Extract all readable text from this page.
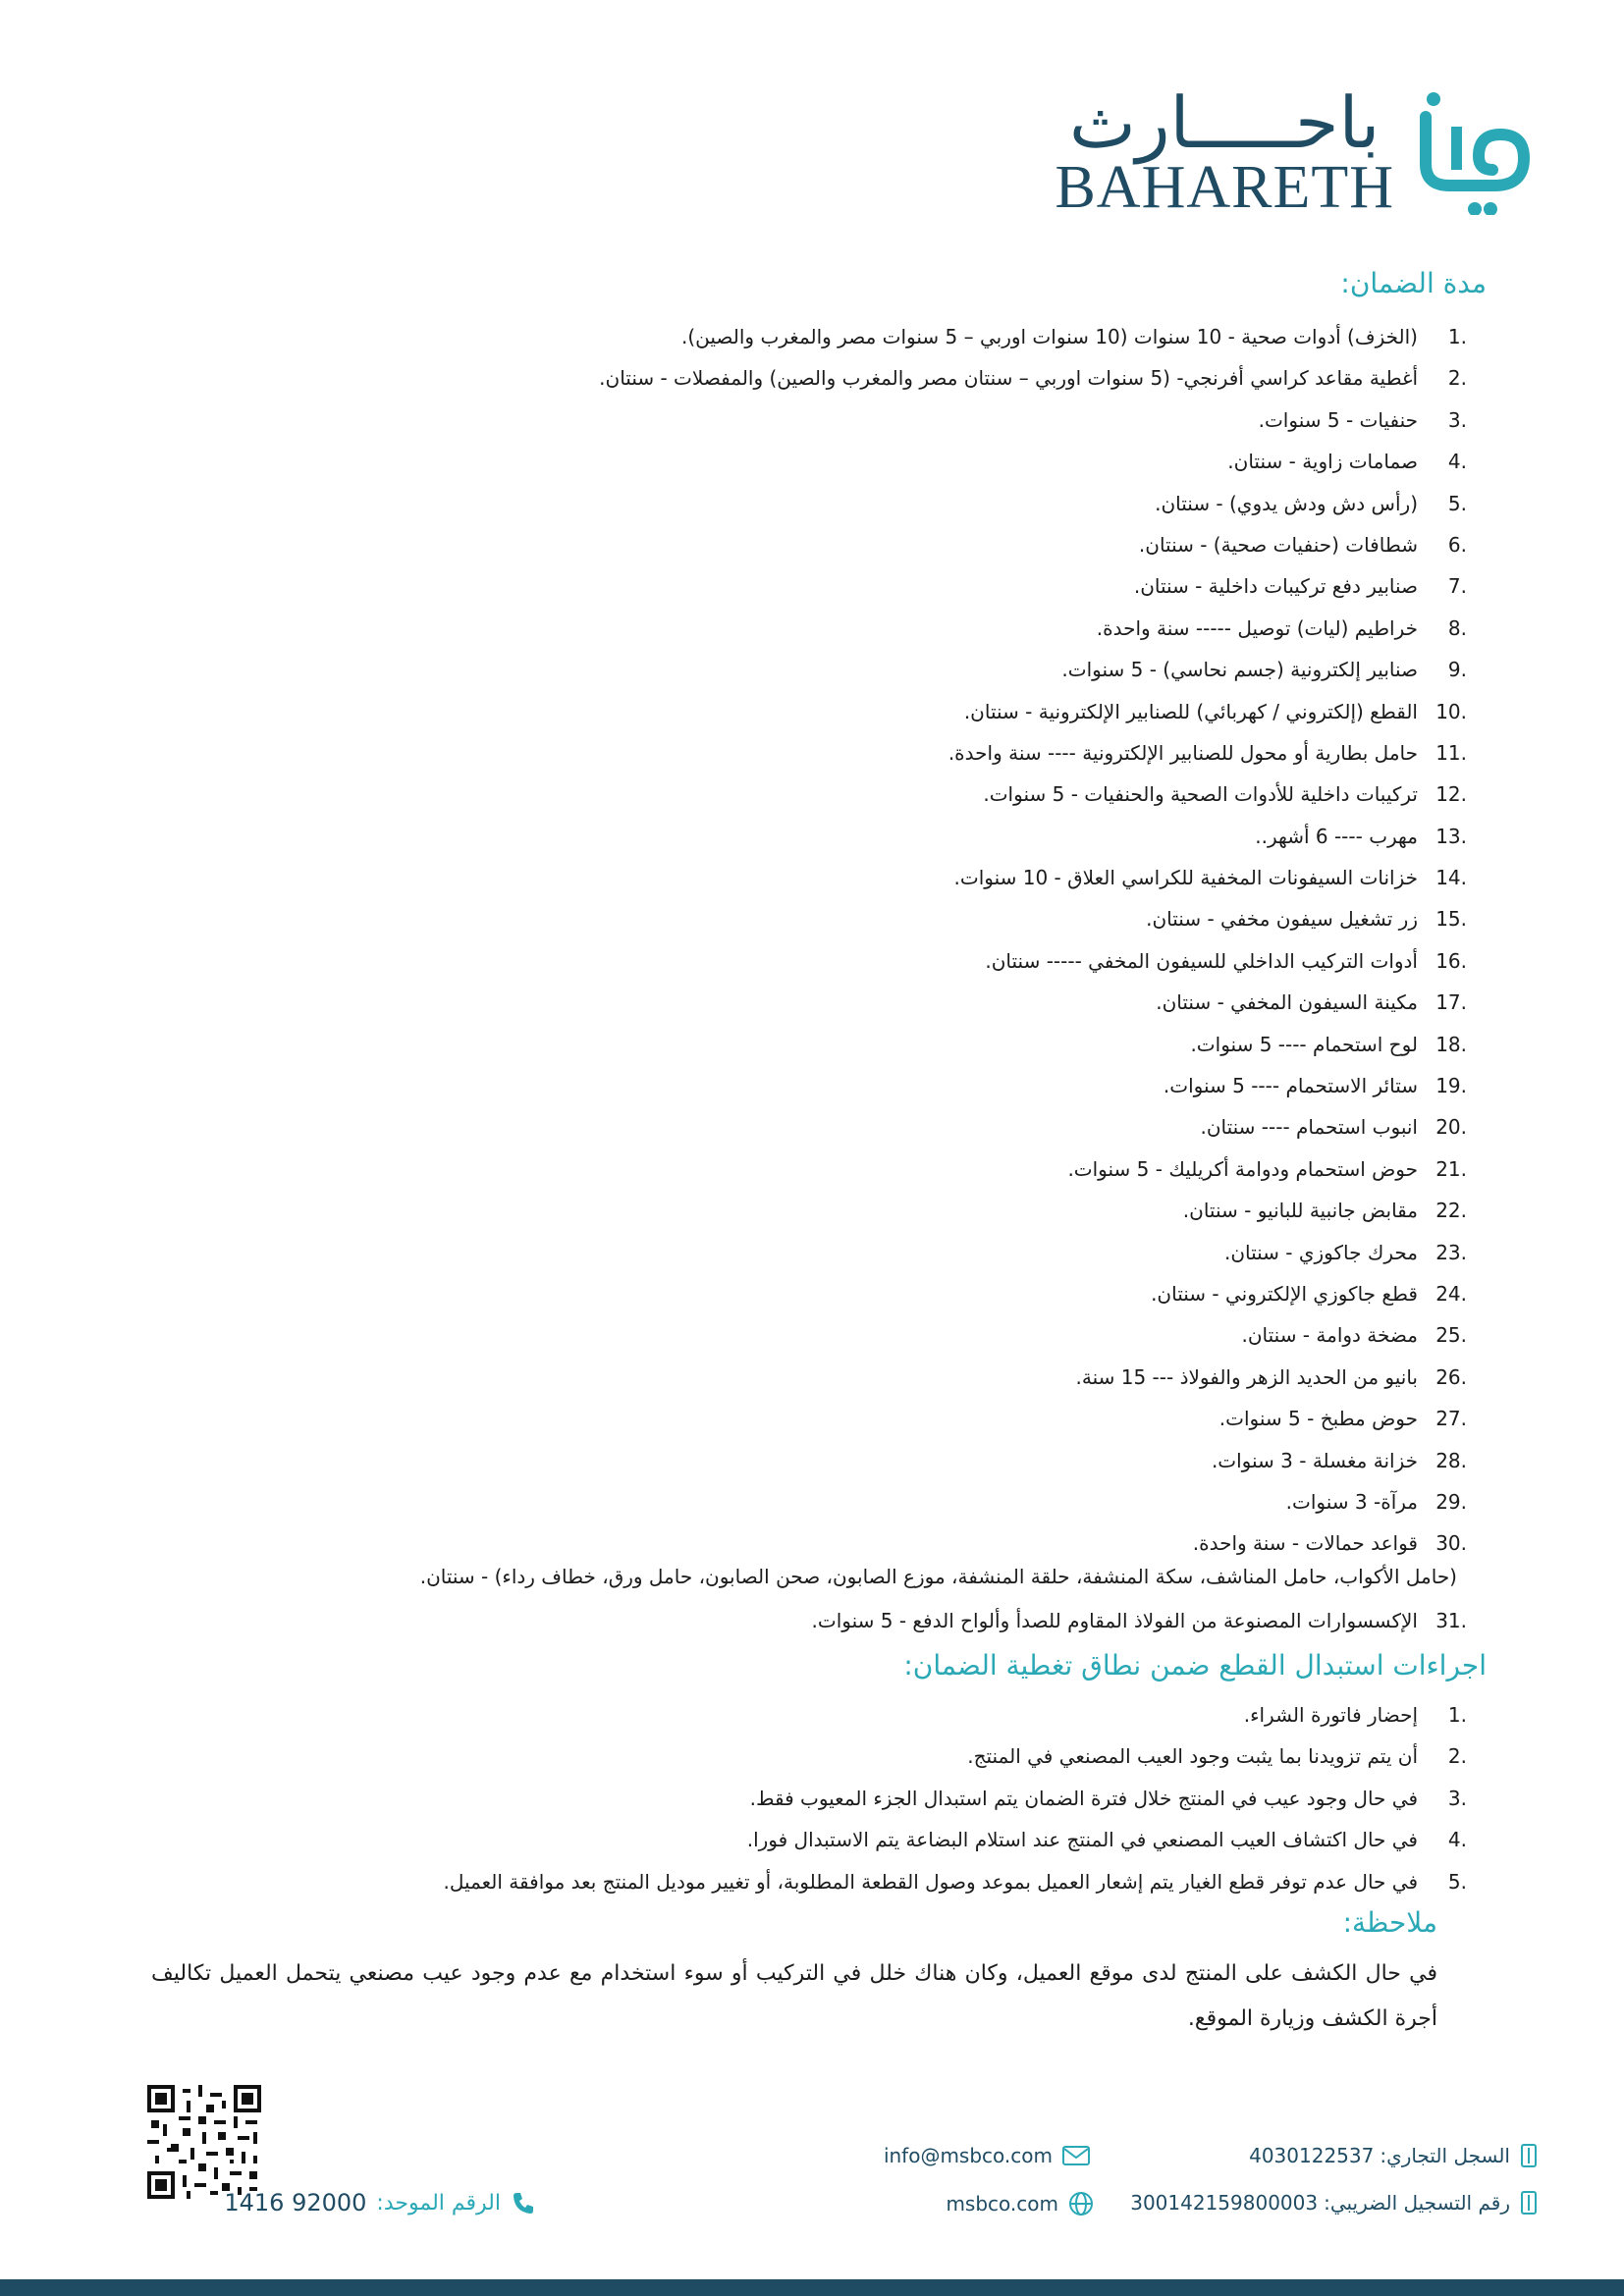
باحـــــارث
BAHARETH
مدة الضمان:
.1
(الخزف) أدوات صحية - 10 سنوات (10 سنوات اوربي – 5 سنوات مصر والمغرب والصين).
.2
أغطية مقاعد كراسي أفرنجي- (5 سنوات اوربي – سنتان مصر والمغرب والصين) والمفصلات - سنتان.
.3
حنفيات - 5 سنوات.
.4
صمامات زاوية - سنتان.
.5
(رأس دش ودش يدوي) - سنتان.
.6
شطافات (حنفيات صحية) - سنتان.
.7
صنابير دفع تركيبات داخلية - سنتان.
.8
خراطيم (ليات) توصيل ----- سنة واحدة.
.9
صنابير إلكترونية (جسم نحاسي) - 5 سنوات.
.10
القطع (إلكتروني / كهربائي) للصنابير الإلكترونية - سنتان.
.11
حامل بطارية أو محول للصنابير الإلكترونية ---- سنة واحدة.
.12
تركيبات داخلية للأدوات الصحية والحنفيات - 5 سنوات.
.13
مهرب ---- 6 أشهر..
.14
خزانات السيفونات المخفية للكراسي العلاق - 10 سنوات.
.15
زر تشغيل سيفون مخفي - سنتان.
.16
أدوات التركيب الداخلي للسيفون المخفي ----- سنتان.
.17
مكينة السيفون المخفي - سنتان.
.18
لوح استحمام ---- 5 سنوات.
.19
ستائر الاستحمام ---- 5 سنوات.
.20
انبوب استحمام ---- سنتان.
.21
حوض استحمام ودوامة أكريليك - 5 سنوات.
.22
مقابض جانبية للبانيو - سنتان.
.23
محرك جاكوزي - سنتان.
.24
قطع جاكوزي الإلكتروني - سنتان.
.25
مضخة دوامة - سنتان.
.26
بانيو من الحديد الزهر والفولاذ --- 15 سنة.
.27
حوض مطبخ - 5 سنوات.
.28
خزانة مغسلة - 3 سنوات.
.29
مرآة- 3 سنوات.
.30
قواعد حمالات - سنة واحدة.
(حامل الأكواب، حامل المناشف، سكة المنشفة، حلقة المنشفة، موزع الصابون، صحن الصابون، حامل ورق، خطاف رداء) - سنتان.
.31
الإكسسوارات المصنوعة من الفولاذ المقاوم للصدأ وألواح الدفع - 5 سنوات.
اجراءات استبدال القطع ضمن نطاق تغطية الضمان:
.1
إحضار فاتورة الشراء.
.2
أن يتم تزويدنا بما يثبت وجود العيب المصنعي في المنتج.
.3
في حال وجود عيب في المنتج خلال فترة الضمان يتم استبدال الجزء المعيوب فقط.
.4
في حال اكتشاف العيب المصنعي في المنتج عند استلام البضاعة يتم الاستبدال فورا.
.5
في حال عدم توفر قطع الغيار يتم إشعار العميل بموعد وصول القطعة المطلوبة، أو تغيير موديل المنتج بعد موافقة العميل.
ملاحظة:
في حال الكشف على المنتج لدى موقع العميل، وكان هناك خلل في التركيب أو سوء استخدام مع عدم وجود عيب مصنعي يتحمل العميل تكاليف أجرة الكشف وزيارة الموقع.
السجل التجاري:
4030122537
رقم التسجيل الضريبي:
300142159800003
info@msbco.com
msbco.com
الرقم الموحد:
92000 1416
